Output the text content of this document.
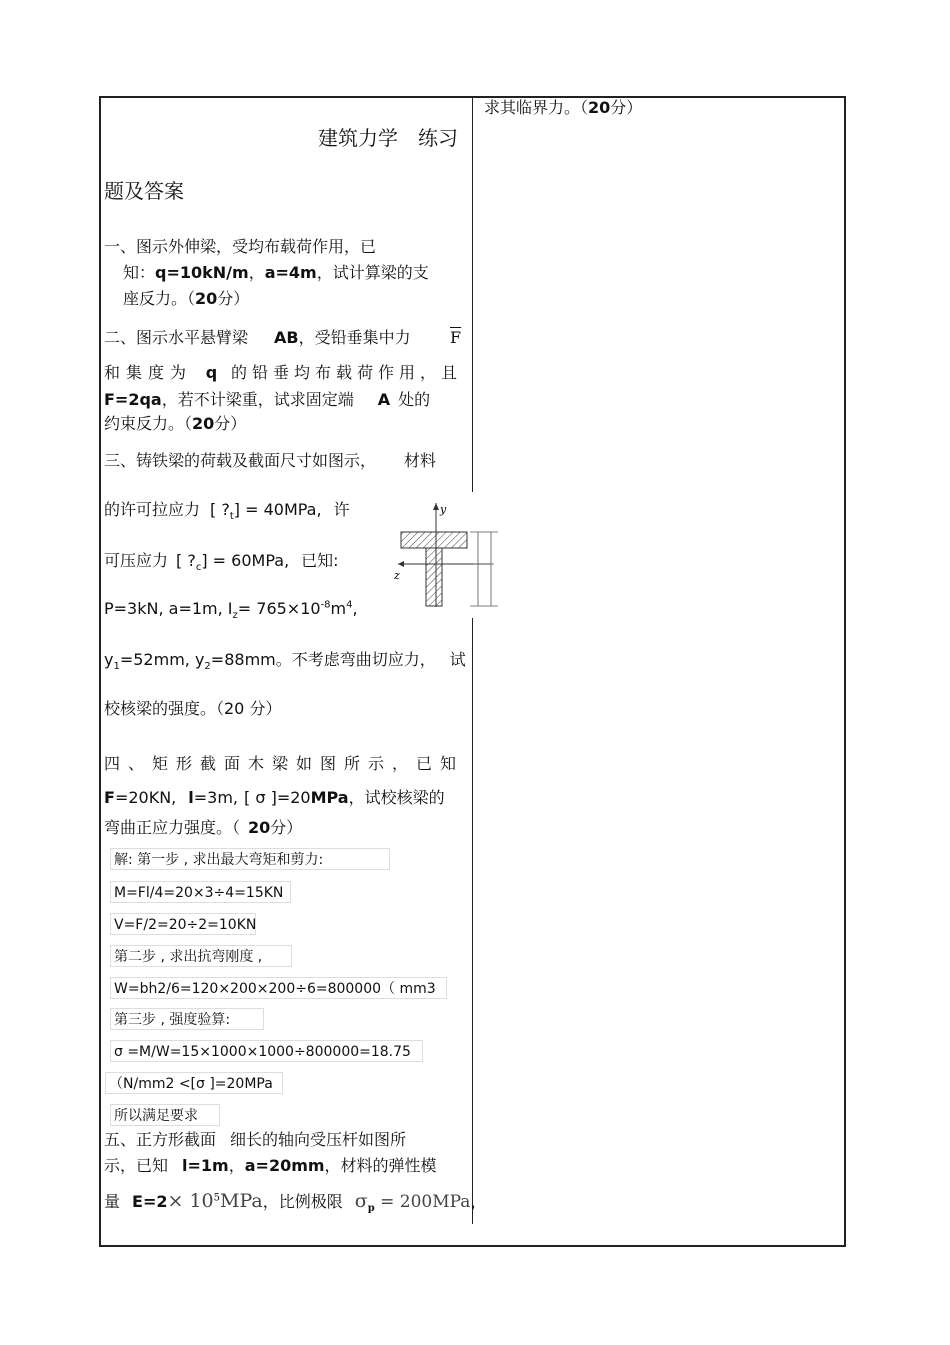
求其临界力。（20分）
建筑力学　练习
题及答案
一、图示外伸梁，受均布载荷作用，已
知：q=10kN/m，a=4m，试计算梁的支
座反力。（20分）
二、图示水平悬臂梁 AB，受铅垂集中力 $\overline{F}$
和集度为 q 的铅垂均布载荷作用，且
F=2qa，若不计梁重，试求固定端 A 处的
约束反力。（20分）
三、铸铁梁的荷载及截面尺寸如图示， 材料
的许可拉应力 [ $?_t] = 40MPa$, 许
可压应力 [ $?_c] = 60MPa$, 已知:
P=3kN, a=1m, $I_z= 765\times 10^{-8}m^4$,
$y_1=52mm$, $y_2=88mm$。不考虑弯曲切应力， 试
校核梁的强度。（20 分）
y
z
四、矩形截面木梁如图所示，已知
F=20KN, l=3m, [ σ ]=20MPa，试校核梁的
弯曲正应力强度。（ 20分）
解: 第一步 , 求出最大弯矩和剪力:
M=Fl/4=20×3÷4=15KN
V=F/2=20÷2=10KN
第二步 , 求出抗弯刚度 ,
W=bh2/6=120×200×200÷6=800000（ mm3
第三步 , 强度验算:
σ =M/W=15×1000×1000÷800000=18.75
（N/mm2 <[σ ]=20MPa
所以满足要求
五、正方形截面 细长的轴向受压杆如图所
示，已知 l=1m，a=20mm，材料的弹性模
量 $E=2\times 10^5MPa$，比例极限 $\sigma_p = 200MPa$，
